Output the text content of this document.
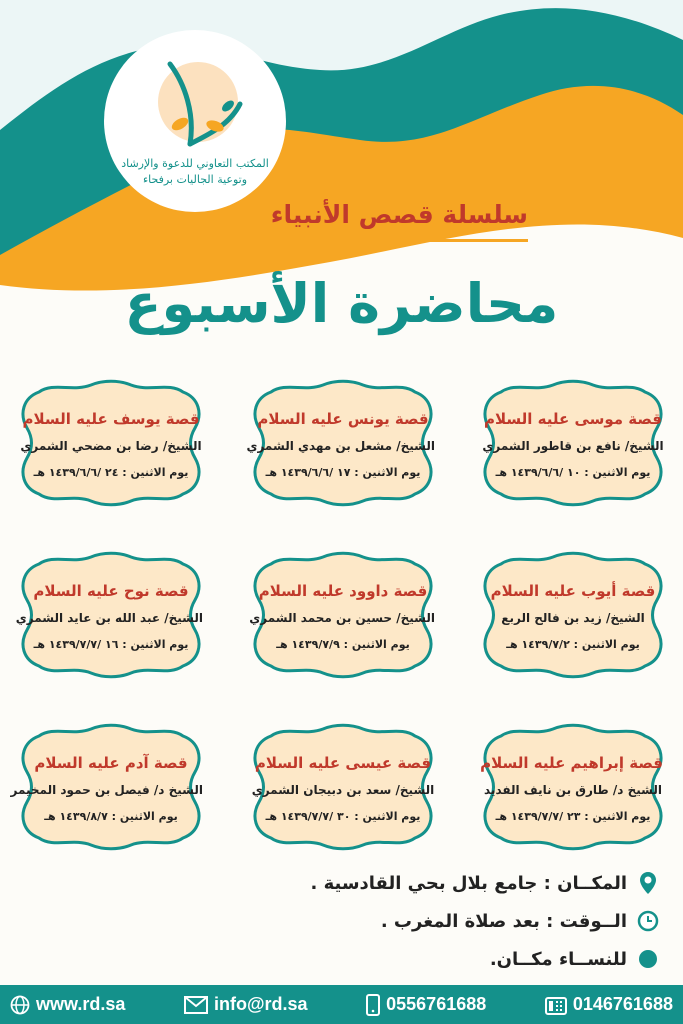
المكتب التعاوني للدعوة والإرشاد
وتوعية الجاليات برفحاء
سلسلة قصص الأنبياء
محاضرة الأسبوع
قصة موسى عليه السلام
الشيخ/ نافع بن قاطور الشمري
يوم الاثنين : ١٠ /١٤٣٩/٦/٦ هـ
قصة يونس عليه السلام
الشيخ/ مشعل بن مهدي الشمري
يوم الاثنين : ١٧ /١٤٣٩/٦/٦ هـ
قصة يوسف عليه السلام
الشيخ/ رضا بن مضحي الشمري
يوم الاثنين : ٢٤ /١٤٣٩/٦/٦ هـ
قصة أيوب عليه السلام
الشيخ/ زيد بن فالح الربع
يوم الاثنين : ١٤٣٩/٧/٢ هـ
قصة داوود عليه السلام
الشيخ/ حسين بن محمد الشمري
يوم الاثنين : ١٤٣٩/٧/٩ هـ
قصة نوح عليه السلام
الشيخ/ عبد الله بن عايد الشمري
يوم الاثنين : ١٦ /١٤٣٩/٧/٧ هـ
قصة إبراهيم عليه السلام
الشيخ د/ طارق بن نايف الفديد
يوم الاثنين : ٢٣ /١٤٣٩/٧/٧ هـ
قصة عيسى عليه السلام
الشيخ/ سعد بن دبيجان الشمري
يوم الاثنين : ٣٠ /١٤٣٩/٧/٧ هـ
قصة آدم عليه السلام
الشيخ د/ فيصل بن حمود المخيمر
يوم الاثنين : ١٤٣٩/٨/٧ هـ
المكــان : جامع بلال بحي القادسية .
الــوقت : بعد صلاة المغرب .
للنســاء مكــان.
www.rd.sa	info@rd.sa	0556761688	0146761688
